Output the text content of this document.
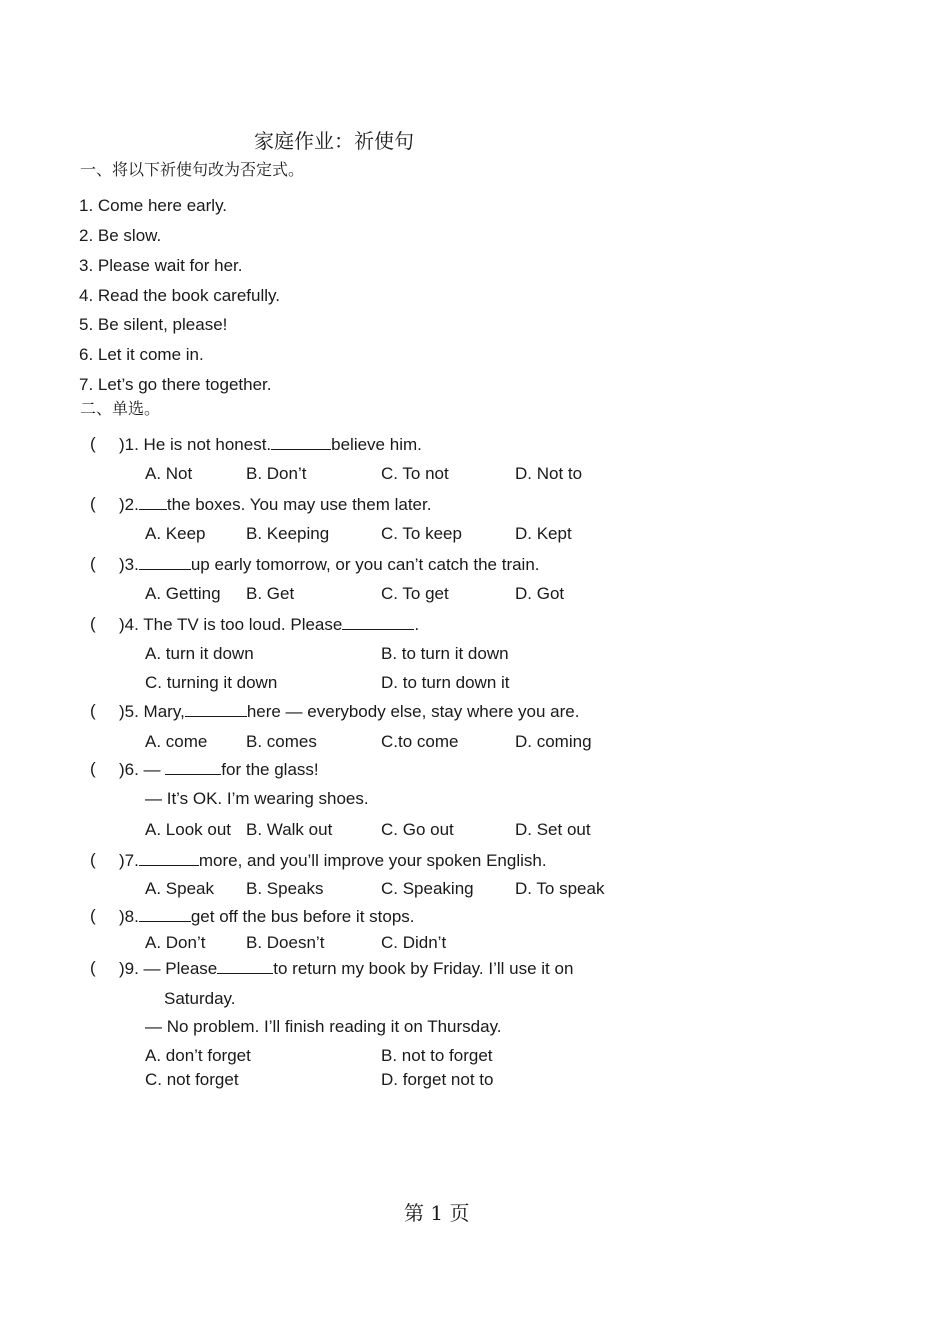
家庭作业：祈使句
一、将以下祈使句改为否定式。
1. Come here early.
2. Be slow.
3. Please wait for her.
4. Read the book carefully.
5. Be silent, please!
6. Let it come in.
7. Let’s go there together.
二、单选。
( )1. He is not honest.	believe him.
A. Not	B. Don’t	C. To not	D. Not to
( )2. the boxes. You may use them later.
A. Keep B. Keeping	C. To keep	D. Kept
( )3.	up early tomorrow, or you can’t catch the train.
A. Getting B. Get	C. To get	D. Got
( )4. The TV is too loud. Please	.
A. turn it down	B. to turn it down
C. turning it down	D. to turn down it
( )5. Mary,	here — everybody else, stay where you are.
A. come B. comes	C.to come	D. coming
( )6. —	for the glass!
— It’s OK. I’m wearing shoes.
A. Look out B. Walk out	C. Go out	D. Set out
( )7.	more, and you’ll improve your spoken English.
A. Speak B. Speaks	C. Speaking D. To speak
( )8.	get off the bus before it stops.
A. Don’t B. Doesn’t	C. Didn’t
( )9. — Please	to return my book by Friday. I’ll use it on
Saturday.
— No problem. I’ll finish reading it on Thursday.
A. don’t forget	B. not to forget
C. not forget	D. forget not to
第 1 页
